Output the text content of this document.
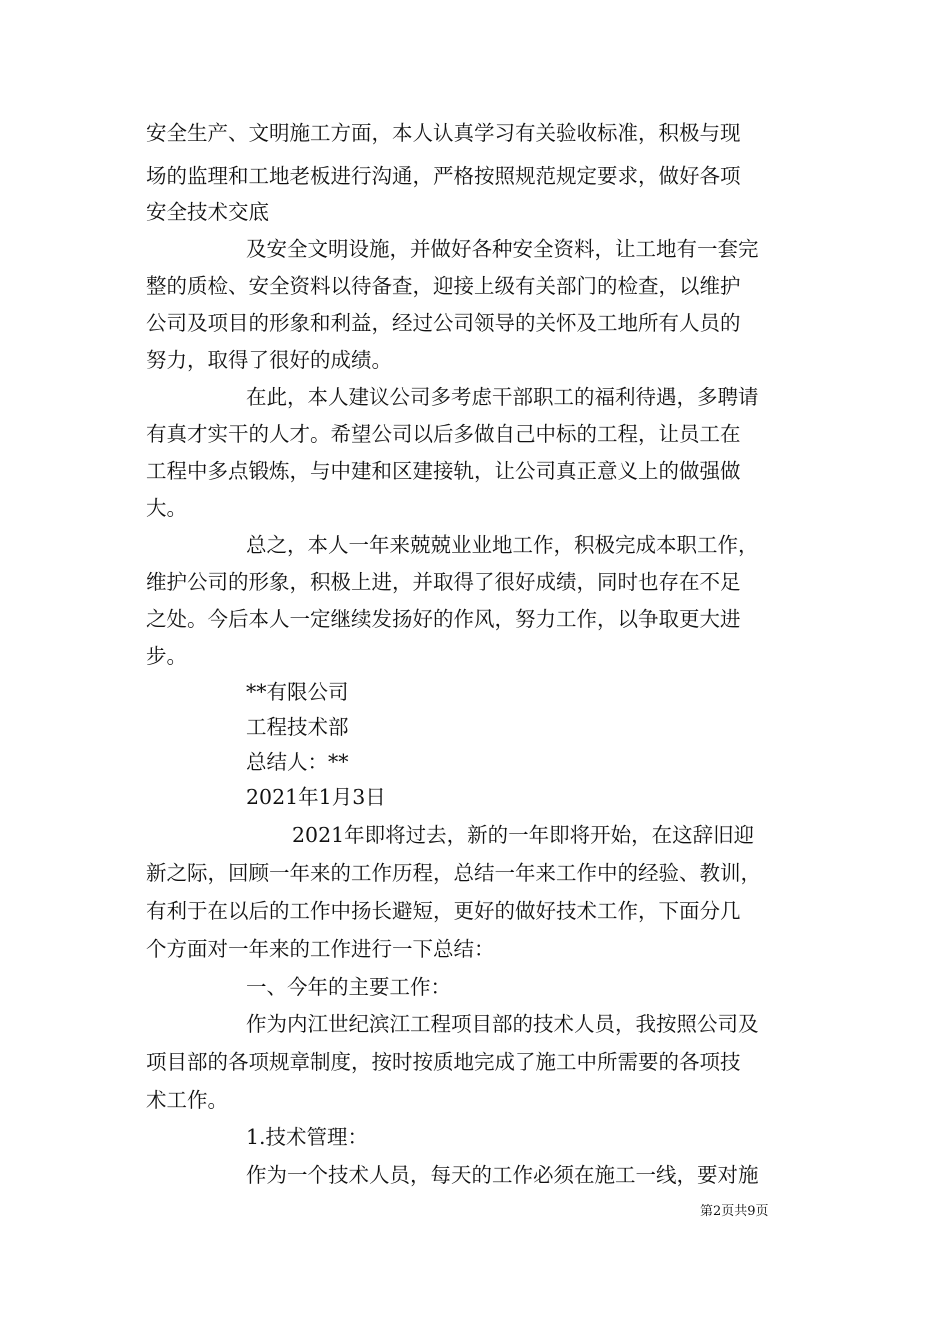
安全生产、文明施工方面，本人认真学习有关验收标准，积极与现
场的监理和工地老板进行沟通，严格按照规范规定要求，做好各项
安全技术交底
及安全文明设施，并做好各种安全资料，让工地有一套完
整的质检、安全资料以待备查，迎接上级有关部门的检查，以维护
公司及项目的形象和利益，经过公司领导的关怀及工地所有人员的
努力，取得了很好的成绩。
在此，本人建议公司多考虑干部职工的福利待遇，多聘请
有真才实干的人才。希望公司以后多做自己中标的工程，让员工在
工程中多点锻炼，与中建和区建接轨，让公司真正意义上的做强做
大。
总之，本人一年来兢兢业业地工作，积极完成本职工作，
维护公司的形象，积极上进，并取得了很好成绩，同时也存在不足
之处。今后本人一定继续发扬好的作风，努力工作，以争取更大进
步。
**有限公司
工程技术部
总结人：**
2021年1月3日
2021年即将过去，新的一年即将开始，在这辞旧迎
新之际，回顾一年来的工作历程，总结一年来工作中的经验、教训，
有利于在以后的工作中扬长避短，更好的做好技术工作，下面分几
个方面对一年来的工作进行一下总结：
一、今年的主要工作：
作为内江世纪滨江工程项目部的技术人员，我按照公司及
项目部的各项规章制度，按时按质地完成了施工中所需要的各项技
术工作。
1.技术管理：
作为一个技术人员，每天的工作必须在施工一线，要对施
第2页共9页
